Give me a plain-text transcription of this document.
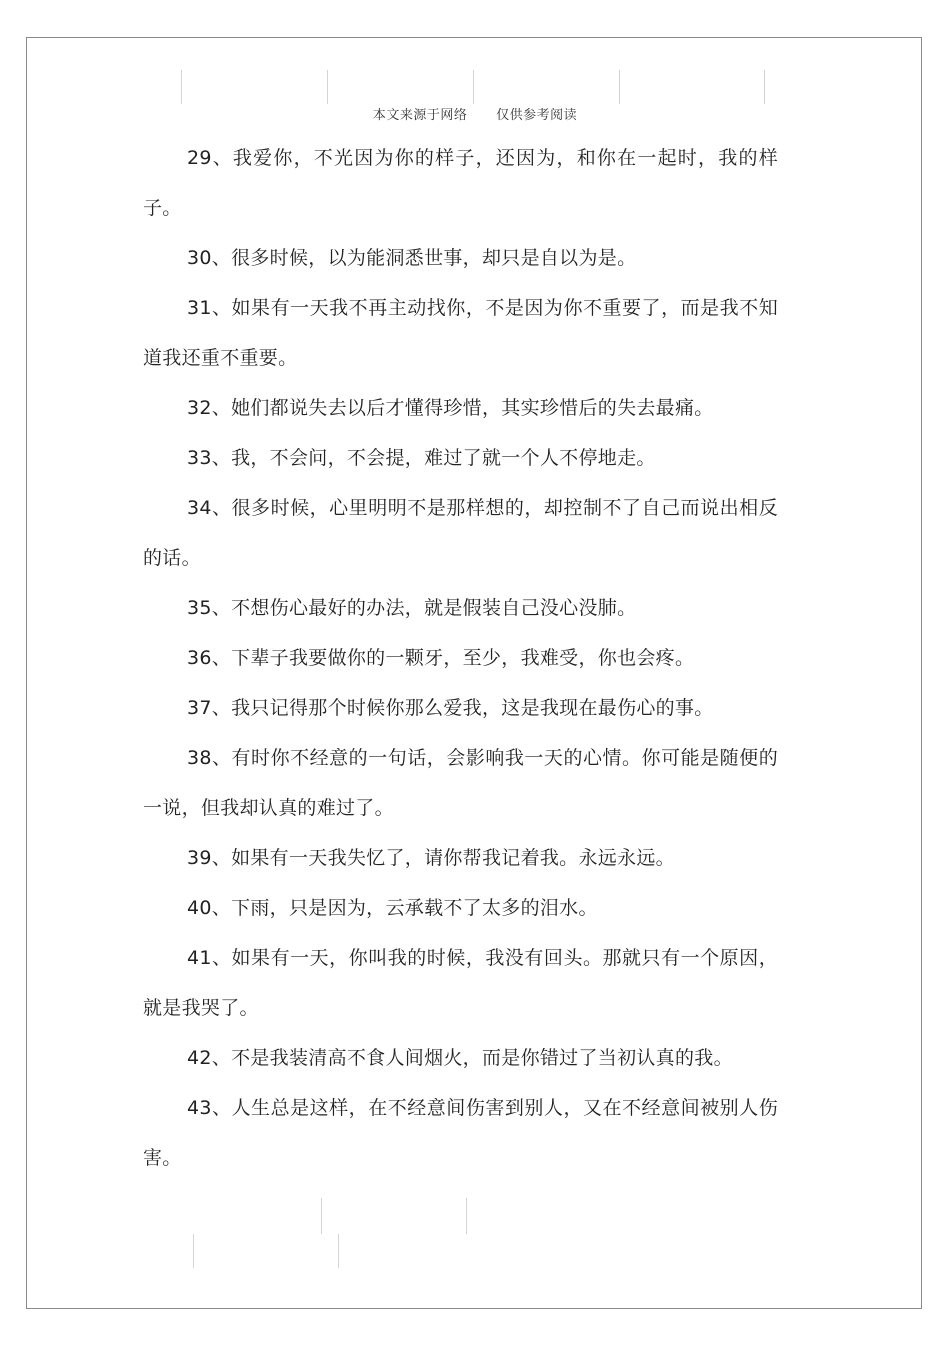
本文来源于网络 仅供参考阅读

29、我爱你，不光因为你的样子，还因为，和你在一起时，我的样子。

30、很多时候，以为能洞悉世事，却只是自以为是。

31、如果有一天我不再主动找你，不是因为你不重要了，而是我不知道我还重不重要。

32、她们都说失去以后才懂得珍惜，其实珍惜后的失去最痛。

33、我，不会问，不会提，难过了就一个人不停地走。

34、很多时候，心里明明不是那样想的，却控制不了自己而说出相反的话。

35、不想伤心最好的办法，就是假装自己没心没肺。

36、下辈子我要做你的一颗牙，至少，我难受，你也会疼。

37、我只记得那个时候你那么爱我，这是我现在最伤心的事。

38、有时你不经意的一句话，会影响我一天的心情。你可能是随便的一说，但我却认真的难过了。

39、如果有一天我失忆了，请你帮我记着我。永远永远。

40、下雨，只是因为，云承载不了太多的泪水。

41、如果有一天，你叫我的时候，我没有回头。那就只有一个原因，就是我哭了。

42、不是我装清高不食人间烟火，而是你错过了当初认真的我。

43、人生总是这样，在不经意间伤害到别人，又在不经意间被别人伤害。
